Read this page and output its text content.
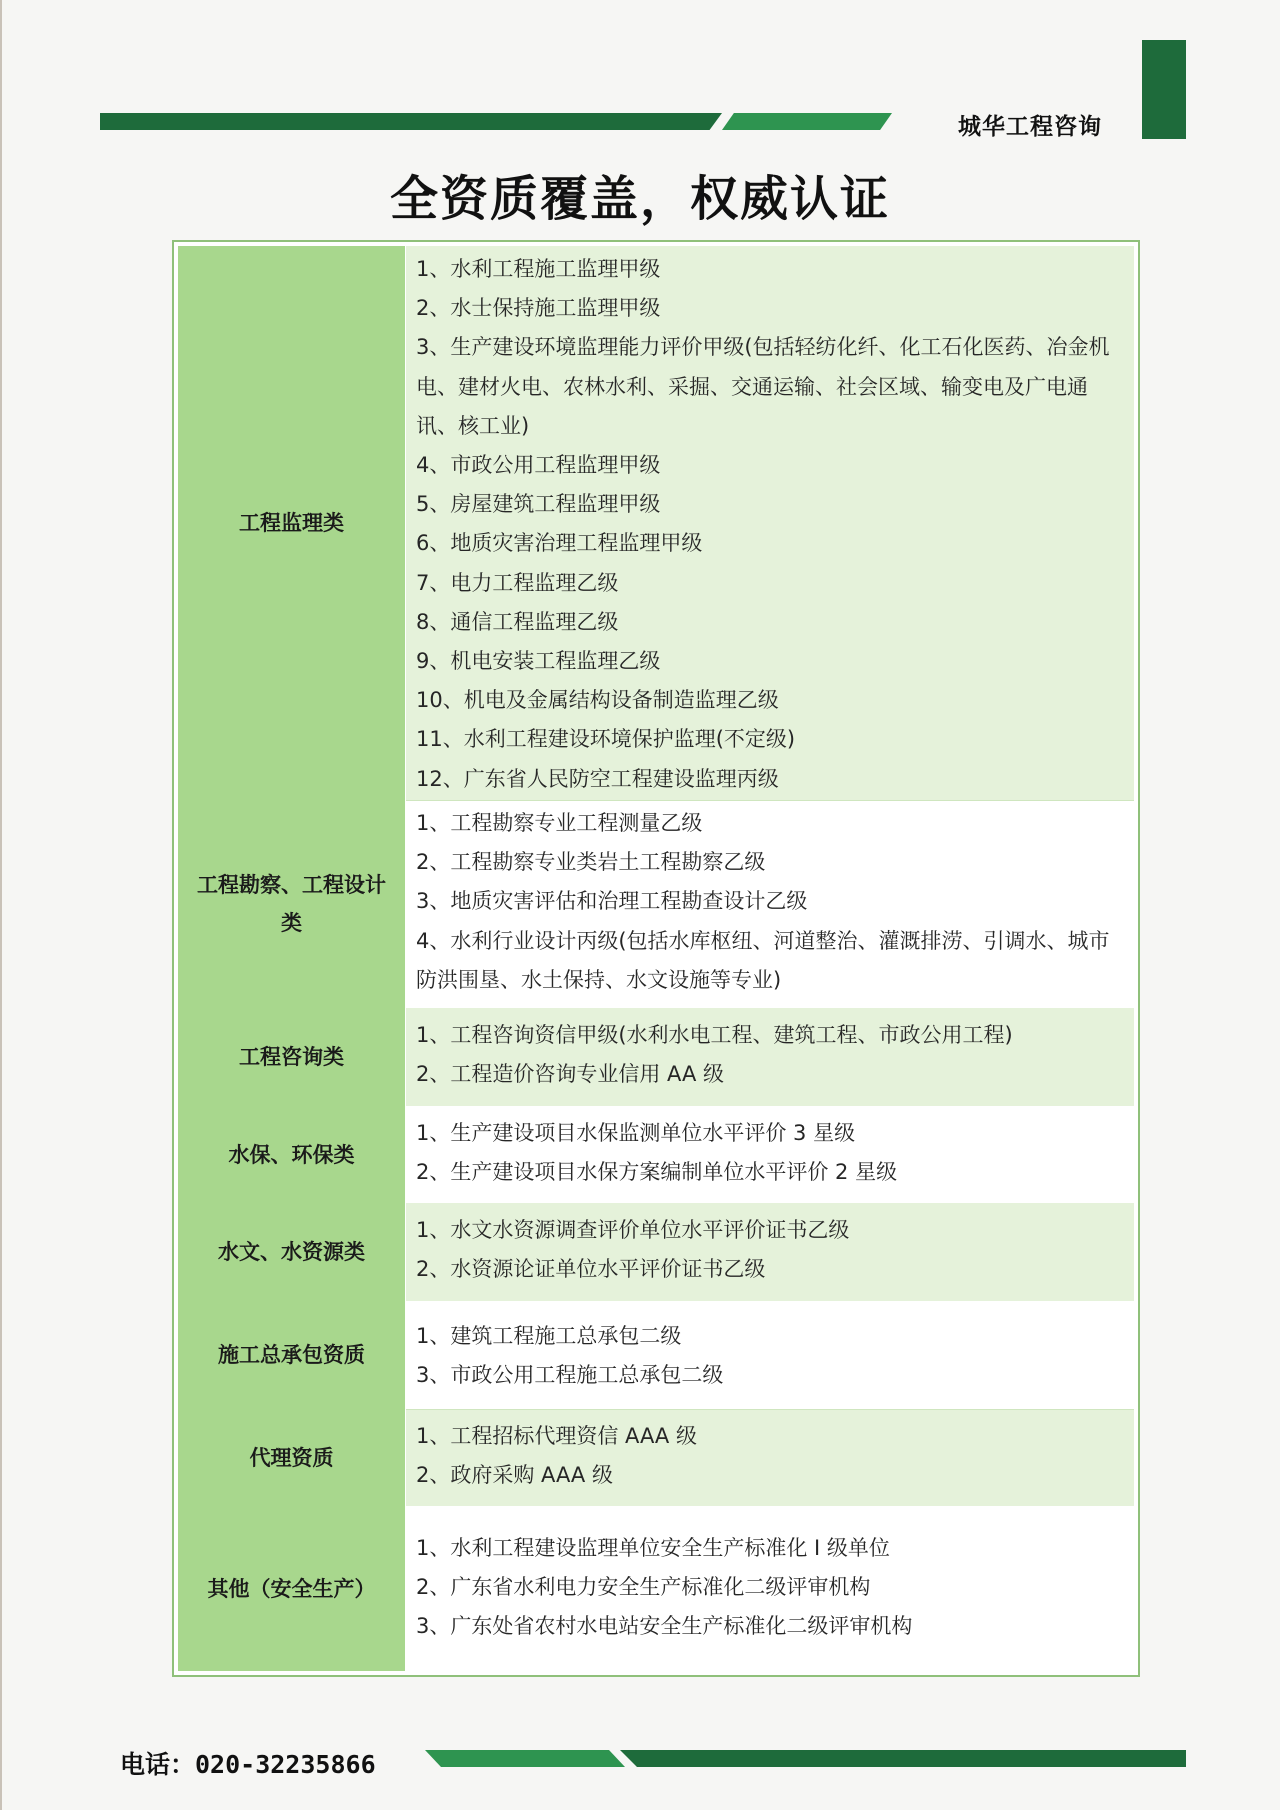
城华工程咨询
全资质覆盖，权威认证
工程监理类
1、水利工程施工监理甲级
2、水士保持施工监理甲级
3、生产建设环境监理能力评价甲级(包括轻纺化纤、化工石化医药、冶金机电、建材火电、农林水利、采掘、交通运输、社会区域、输变电及广电通讯、核工业)
4、市政公用工程监理甲级
5、房屋建筑工程监理甲级
6、地质灾害治理工程监理甲级
7、电力工程监理乙级
8、通信工程监理乙级
9、机电安装工程监理乙级
10、机电及金属结构设备制造监理乙级
11、水利工程建设环境保护监理(不定级)
12、广东省人民防空工程建设监理丙级
工程勘察、工程设计类
1、工程勘察专业工程测量乙级
2、工程勘察专业类岩土工程勘察乙级
3、地质灾害评估和治理工程勘查设计乙级
4、水利行业设计丙级(包括水库枢纽、河道整治、灌溉排涝、引调水、城市防洪围垦、水土保持、水文设施等专业)
工程咨询类
1、工程咨询资信甲级(水利水电工程、建筑工程、市政公用工程)
2、工程造价咨询专业信用 AA 级
水保、环保类
1、生产建设项目水保监测单位水平评价 3 星级
2、生产建设项目水保方案编制单位水平评价 2 星级
水文、水资源类
1、水文水资源调查评价单位水平评价证书乙级
2、水资源论证单位水平评价证书乙级
施工总承包资质
1、建筑工程施工总承包二级
3、市政公用工程施工总承包二级
代理资质
1、工程招标代理资信 AAA 级
2、政府采购 AAA 级
其他（安全生产）
1、水利工程建设监理单位安全生产标准化 I 级单位
2、广东省水利电力安全生产标准化二级评审机构
3、广东处省农村水电站安全生产标准化二级评审机构
电话：020-32235866
